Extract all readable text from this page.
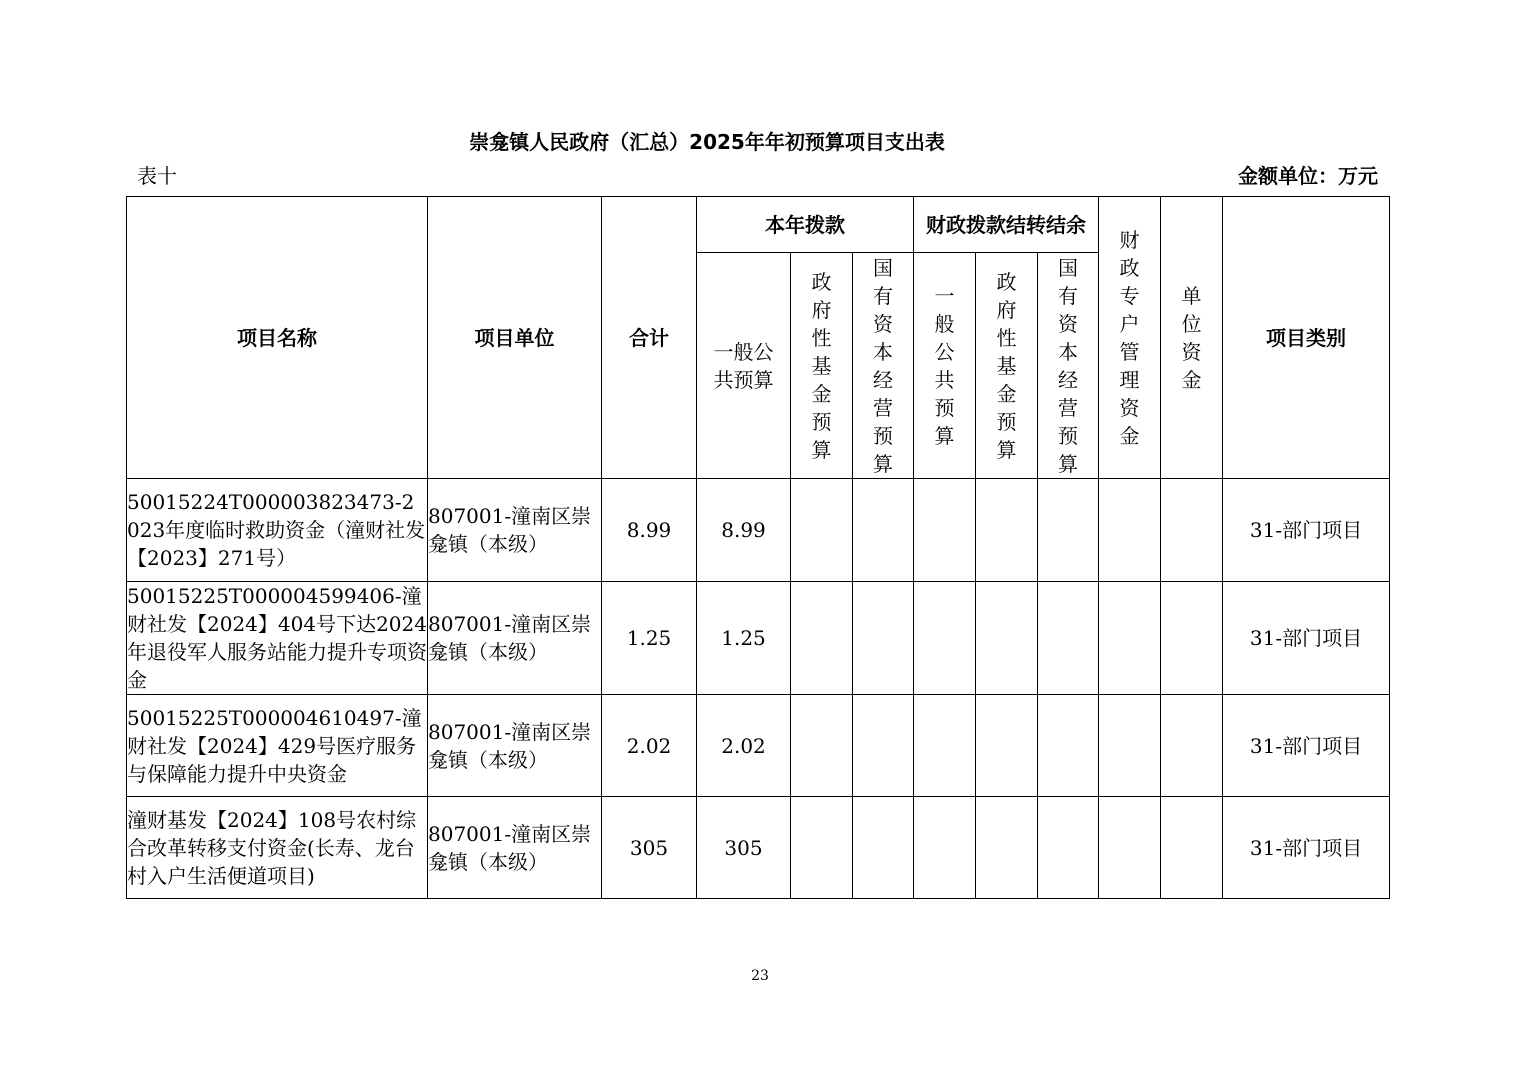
崇龛镇人民政府（汇总）2025年年初预算项目支出表
表十	金额单位：万元
项目名称	项目单位	合计	本年拨款			财政拨款结转结余			财政专户管理资金	单位资金	项目类别

			一般公共预算	政府性基金预算	国有资本经营预算	一般公共预算	政府性基金预算	国有资本经营预算			

50015224T000003823473-2023年度临时救助资金（潼财社发【2023】271号）	807001-潼南区崇龛镇（本级）	8.99	8.99								31-部门项目
50015225T000004599406-潼财社发【2024】404号下达2024年退役军人服务站能力提升专项资金	807001-潼南区崇龛镇（本级）	1.25	1.25								31-部门项目
50015225T000004610497-潼财社发【2024】429号医疗服务与保障能力提升中央资金	807001-潼南区崇龛镇（本级）	2.02	2.02								31-部门项目
潼财基发【2024】108号农村综合改革转移支付资金(长寿、龙台村入户生活便道项目)	807001-潼南区崇龛镇（本级）	305	305								31-部门项目
23
